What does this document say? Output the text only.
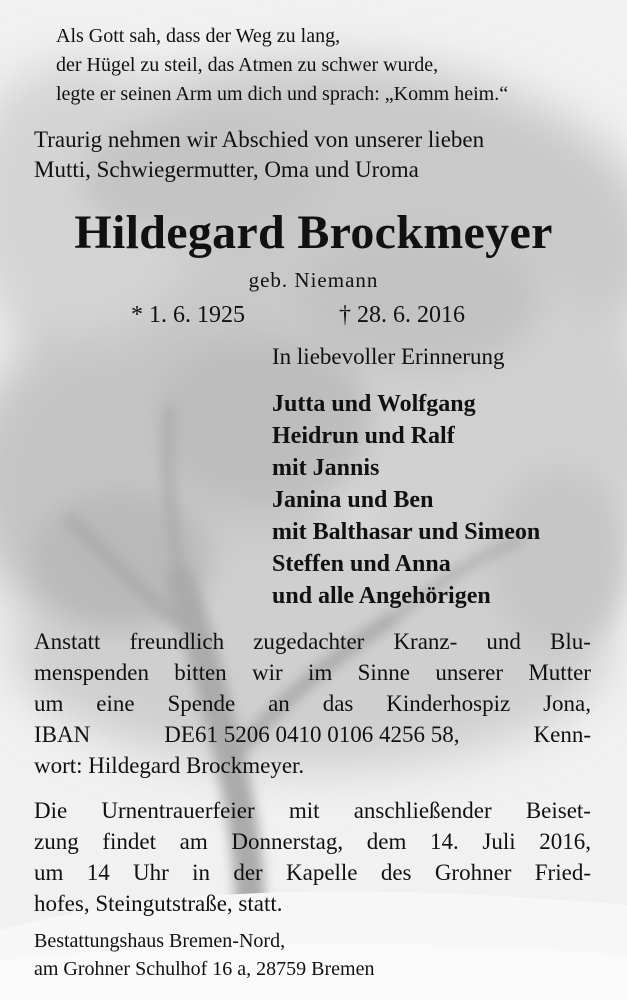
Als Gott sah, dass der Weg zu lang,
der Hügel zu steil, das Atmen zu schwer wurde,
legte er seinen Arm um dich und sprach: „Komm heim.“
Traurig nehmen wir Abschied von unserer lieben
Mutti, Schwiegermutter, Oma und Uroma
Hildegard Brockmeyer
geb. Niemann
* 1. 6. 1925	† 28. 6. 2016
In liebevoller Erinnerung
Jutta und Wolfgang
Heidrun und Ralf
mit Jannis
Janina und Ben
mit Balthasar und Simeon
Steffen und Anna
und alle Angehörigen
Anstatt freundlich zugedachter Kranz- und Blu-
menspenden bitten wir im Sinne unserer Mutter
um eine Spende an das Kinderhospiz Jona,
IBAN	DE61 5206 0410 0106 4256 58,	Kenn-
wort: Hildegard Brockmeyer.
Die Urnentrauerfeier mit anschließender Beiset-
zung findet am Donnerstag, dem 14. Juli 2016,
um 14 Uhr in der Kapelle des Grohner Fried-
hofes, Steingutstraße, statt.
Bestattungshaus Bremen-Nord,
am Grohner Schulhof 16 a, 28759 Bremen
